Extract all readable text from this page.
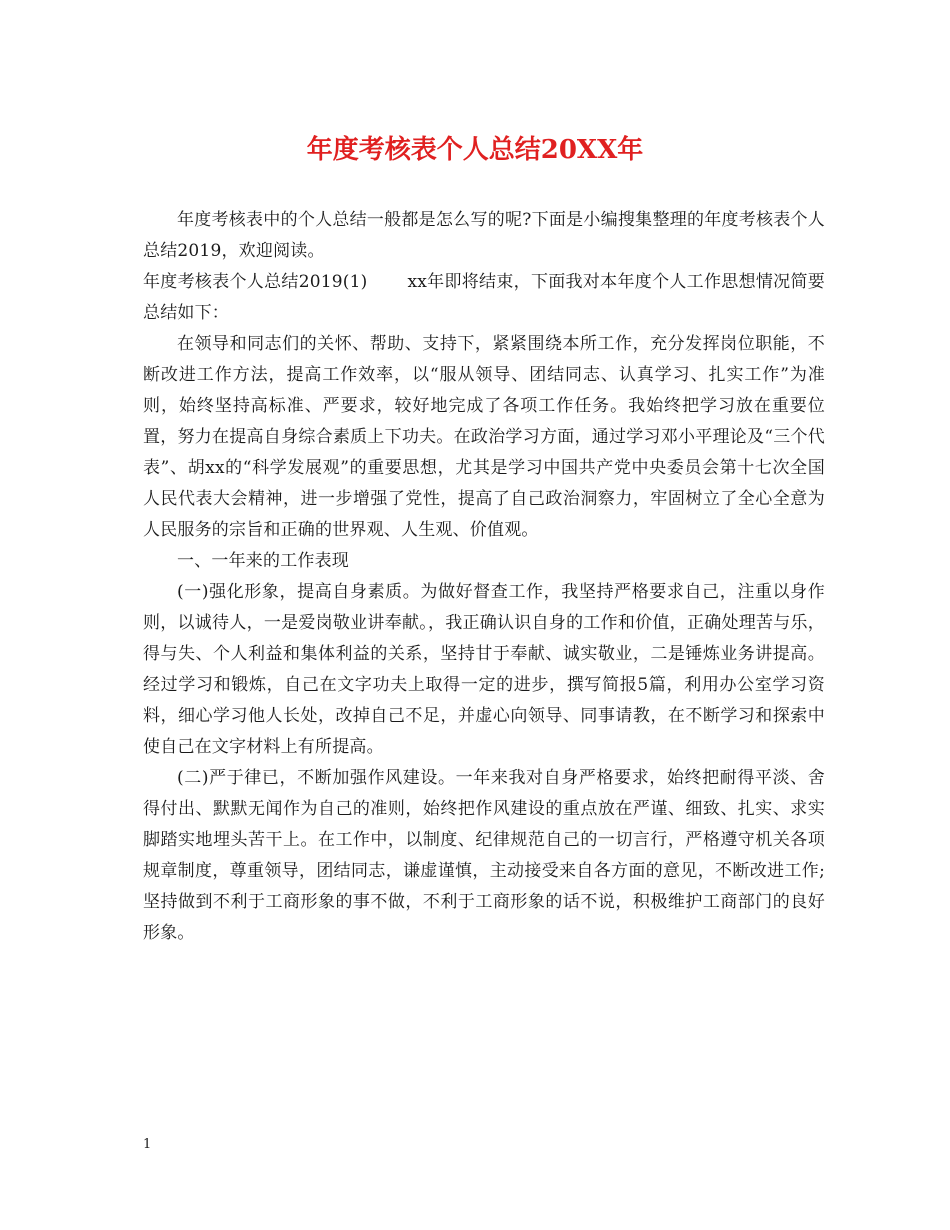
年度考核表个人总结20XX年

年度考核表中的个人总结一般都是怎么写的呢?下面是小编搜集整理的年度考核表个人总结2019，欢迎阅读。

年度考核表个人总结2019(1) xx年即将结束，下面我对本年度个人工作思想情况简要总结如下：

在领导和同志们的关怀、帮助、支持下，紧紧围绕本所工作，充分发挥岗位职能，不断改进工作方法，提高工作效率，以“服从领导、团结同志、认真学习、扎实工作”为准则，始终坚持高标准、严要求，较好地完成了各项工作任务。我始终把学习放在重要位置，努力在提高自身综合素质上下功夫。在政治学习方面，通过学习邓小平理论及“三个代表”、胡xx的“科学发展观”的重要思想，尤其是学习中国共产党中央委员会第十七次全国人民代表大会精神，进一步增强了党性，提高了自己政治洞察力，牢固树立了全心全意为人民服务的宗旨和正确的世界观、人生观、价值观。

一、一年来的工作表现

(一)强化形象，提高自身素质。为做好督查工作，我坚持严格要求自己，注重以身作则，以诚待人，一是爱岗敬业讲奉献。，我正确认识自身的工作和价值，正确处理苦与乐，得与失、个人利益和集体利益的关系，坚持甘于奉献、诚实敬业，二是锤炼业务讲提高。经过学习和锻炼，自己在文字功夫上取得一定的进步，撰写简报5篇，利用办公室学习资料，细心学习他人长处，改掉自己不足，并虚心向领导、同事请教，在不断学习和探索中使自己在文字材料上有所提高。

(二)严于律已，不断加强作风建设。一年来我对自身严格要求，始终把耐得平淡、舍得付出、默默无闻作为自己的准则，始终把作风建设的重点放在严谨、细致、扎实、求实脚踏实地埋头苦干上。在工作中，以制度、纪律规范自己的一切言行，严格遵守机关各项规章制度，尊重领导，团结同志，谦虚谨慎，主动接受来自各方面的意见，不断改进工作;坚持做到不利于工商形象的事不做，不利于工商形象的话不说，积极维护工商部门的良好形象。

1
